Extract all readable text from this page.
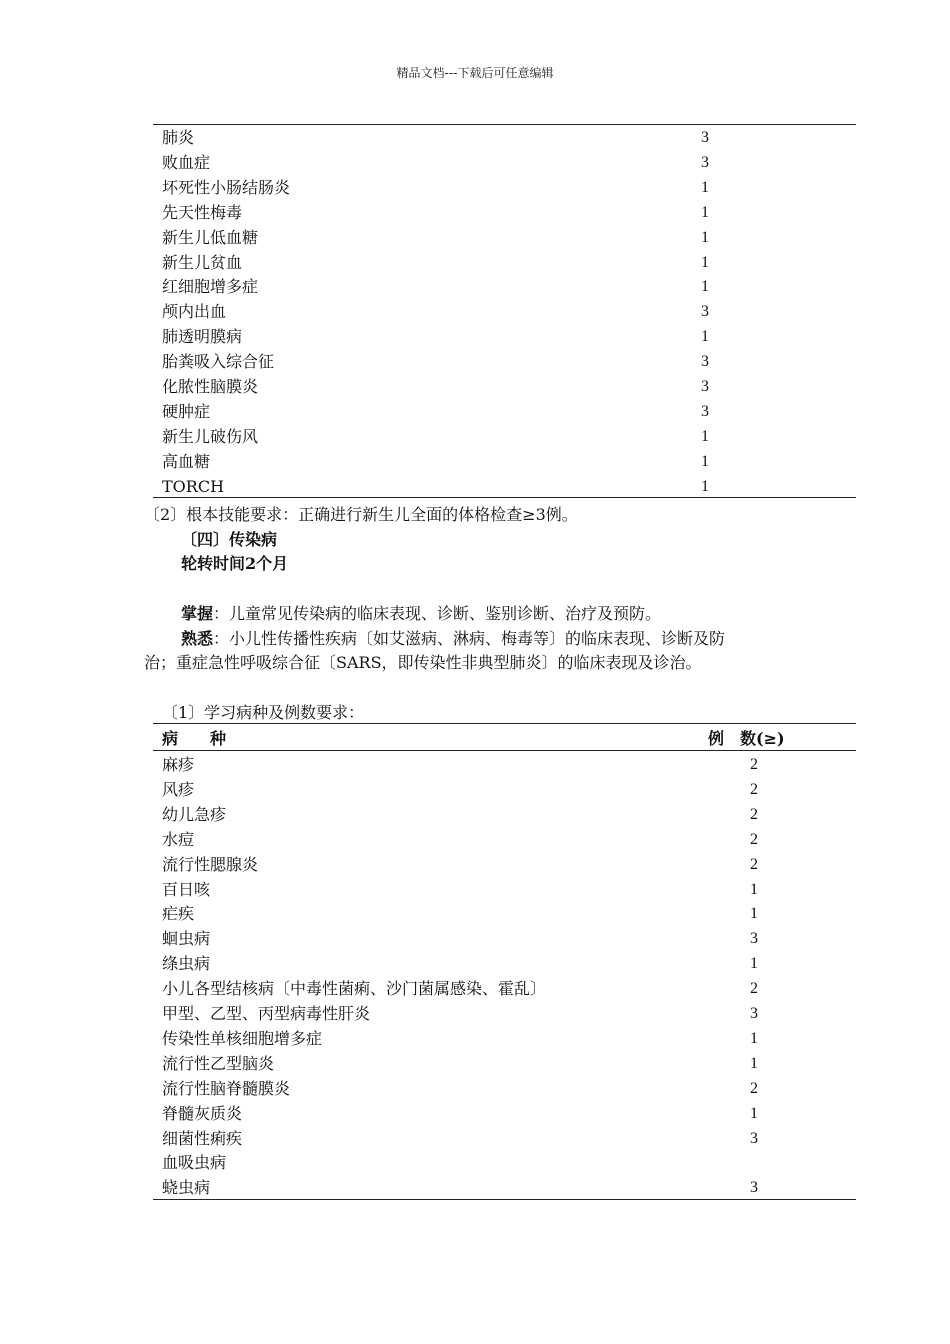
精品文档---下载后可任意编辑
肺炎	3
败血症	3
坏死性小肠结肠炎	1
先天性梅毒	1
新生儿低血糖	1
新生儿贫血	1
红细胞增多症	1
颅内出血	3
肺透明膜病	1
胎粪吸入综合征	3
化脓性脑膜炎	3
硬肿症	3
新生儿破伤风	1
高血糖	1
TORCH	1
〔2〕根本技能要求：正确进行新生儿全面的体格检查≥3例。
〔四〕传染病
轮转时间2个月
掌握：儿童常见传染病的临床表现、诊断、鉴别诊断、治疗及预防。
熟悉：小儿性传播性疾病〔如艾滋病、淋病、梅毒等〕的临床表现、诊断及防
治；重症急性呼吸综合征〔SARS，即传染性非典型肺炎〕的临床表现及诊治。
〔1〕学习病种及例数要求：
病　　种	例　数(≥)
麻疹	2
风疹	2
幼儿急疹	2
水痘	2
流行性腮腺炎	2
百日咳	1
疟疾	1
蛔虫病	3
绦虫病	1
小儿各型结核病〔中毒性菌痢、沙门菌属感染、霍乱〕	2
甲型、乙型、丙型病毒性肝炎	3
传染性单核细胞增多症	1
流行性乙型脑炎	1
流行性脑脊髓膜炎	2
脊髓灰质炎	1
细菌性痢疾	3
血吸虫病
蛲虫病	3
